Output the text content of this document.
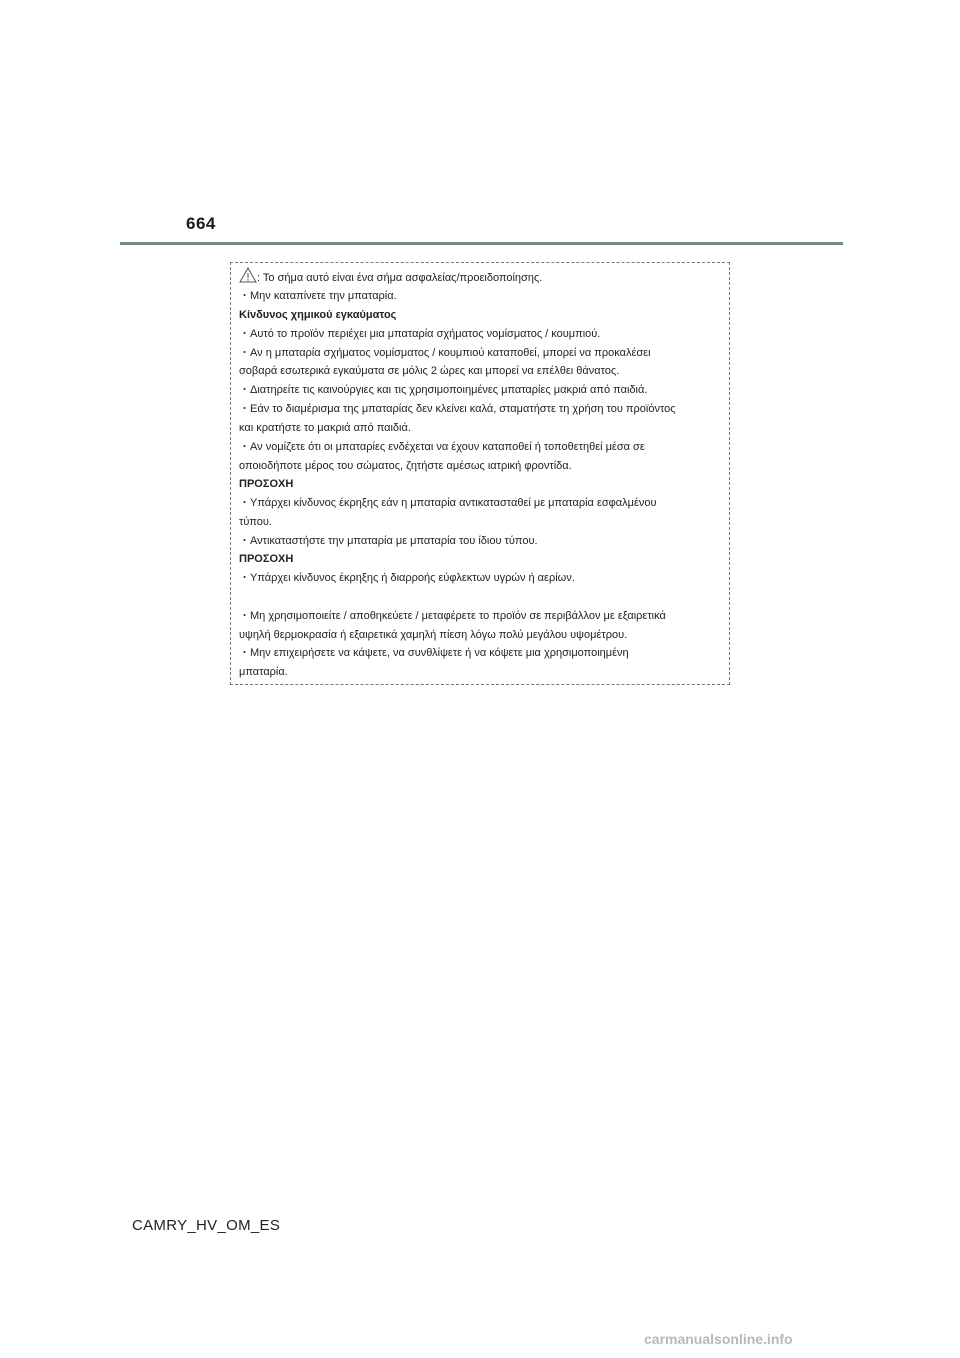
664
: Το σήμα αυτό είναι ένα σήμα ασφαλείας/προειδοποίησης.
・Μην καταπίνετε την μπαταρία.
Κίνδυνος χημικού εγκαύματος
・Αυτό το προϊόν περιέχει μια μπαταρία σχήματος νομίσματος / κουμπιού.
・Αν η μπαταρία σχήματος νομίσματος / κουμπιού καταποθεί, μπορεί να προκαλέσει
σοβαρά εσωτερικά εγκαύματα σε μόλις 2 ώρες και μπορεί να επέλθει θάνατος.
・Διατηρείτε τις καινούργιες και τις χρησιμοποιημένες μπαταρίες μακριά από παιδιά.
・Εάν το διαμέρισμα της μπαταρίας δεν κλείνει καλά, σταματήστε τη χρήση του προϊόντος
και κρατήστε το μακριά από παιδιά.
・Αν νομίζετε ότι οι μπαταρίες ενδέχεται να έχουν καταποθεί ή τοποθετηθεί μέσα σε
οποιοδήποτε μέρος του σώματος, ζητήστε αμέσως ιατρική φροντίδα.
ΠΡΟΣΟΧΗ
・Υπάρχει κίνδυνος έκρηξης εάν η μπαταρία αντικατασταθεί με μπαταρία εσφαλμένου
τύπου.
・Αντικαταστήστε την μπαταρία με μπαταρία του ίδιου τύπου.
ΠΡΟΣΟΧΗ
・Υπάρχει κίνδυνος έκρηξης ή διαρροής εύφλεκτων υγρών ή αερίων.
・Μη χρησιμοποιείτε / αποθηκεύετε / μεταφέρετε το προϊόν σε περιβάλλον με εξαιρετικά
υψηλή θερμοκρασία ή εξαιρετικά χαμηλή πίεση λόγω πολύ μεγάλου υψομέτρου.
・Μην επιχειρήσετε να κάψετε, να συνθλίψετε ή να κόψετε μια χρησιμοποιημένη
μπαταρία.
CAMRY_HV_OM_ES
carmanualsonline.info
